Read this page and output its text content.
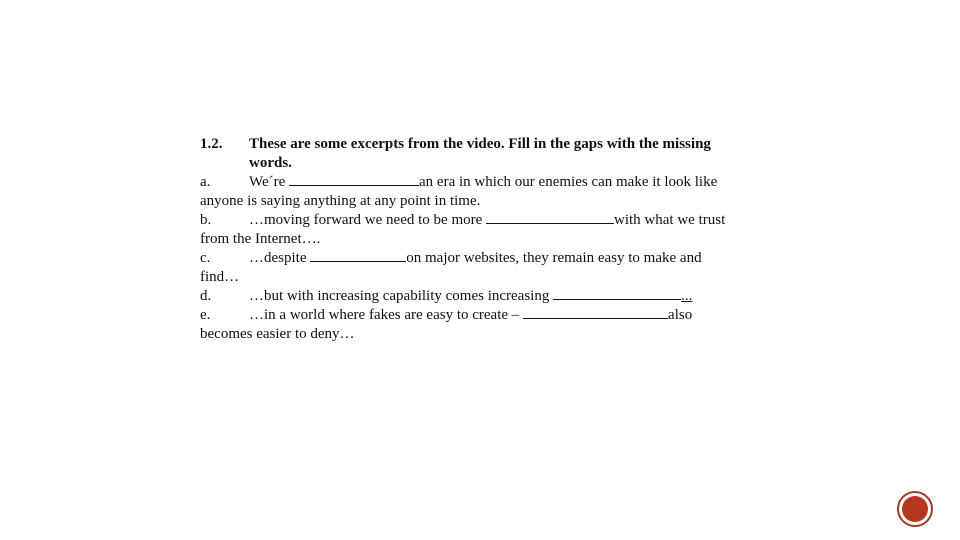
1.2. These are some excerpts from the video. Fill in the gaps with the missing
words.
a.	We´re	an era in which our enemies can make it look like
anyone is saying anything at any point in time.
b.	…moving forward we need to be more	with what we trust
from the Internet….
c.	…despite	on major websites, they remain easy to make and
find…
d.	…but with increasing capability comes increasing	...
e.	…in a world where fakes are easy to create –	also
becomes easier to deny…
